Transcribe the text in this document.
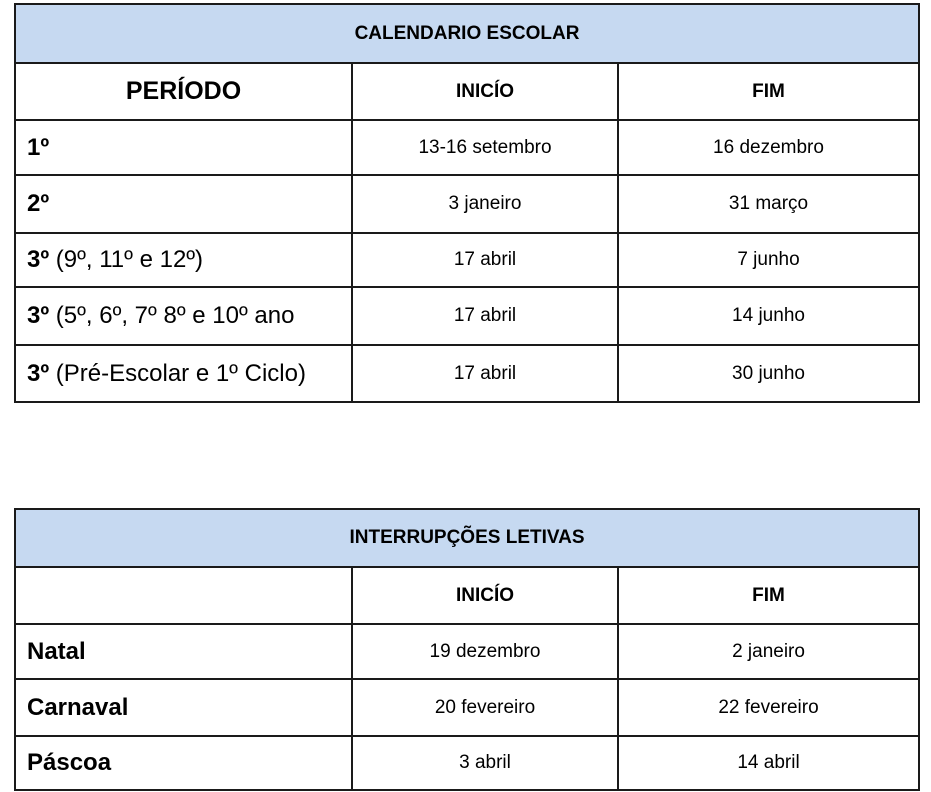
CALENDARIO ESCOLAR		
PERÍODO	INICÍO	FIM
1º	13-16 setembro	16 dezembro
2º	3 janeiro	31 março
3º (9º, 11º e 12º)	17 abril	7 junho
3º (5º, 6º, 7º 8º e 10º ano	17 abril	14 junho
3º (Pré-Escolar e 1º Ciclo)	17 abril	30 junho
INTERRUPÇÕES LETIVAS		
	INICÍO	FIM
Natal	19 dezembro	2 janeiro
Carnaval	20 fevereiro	22 fevereiro
Páscoa	3 abril	14 abril
